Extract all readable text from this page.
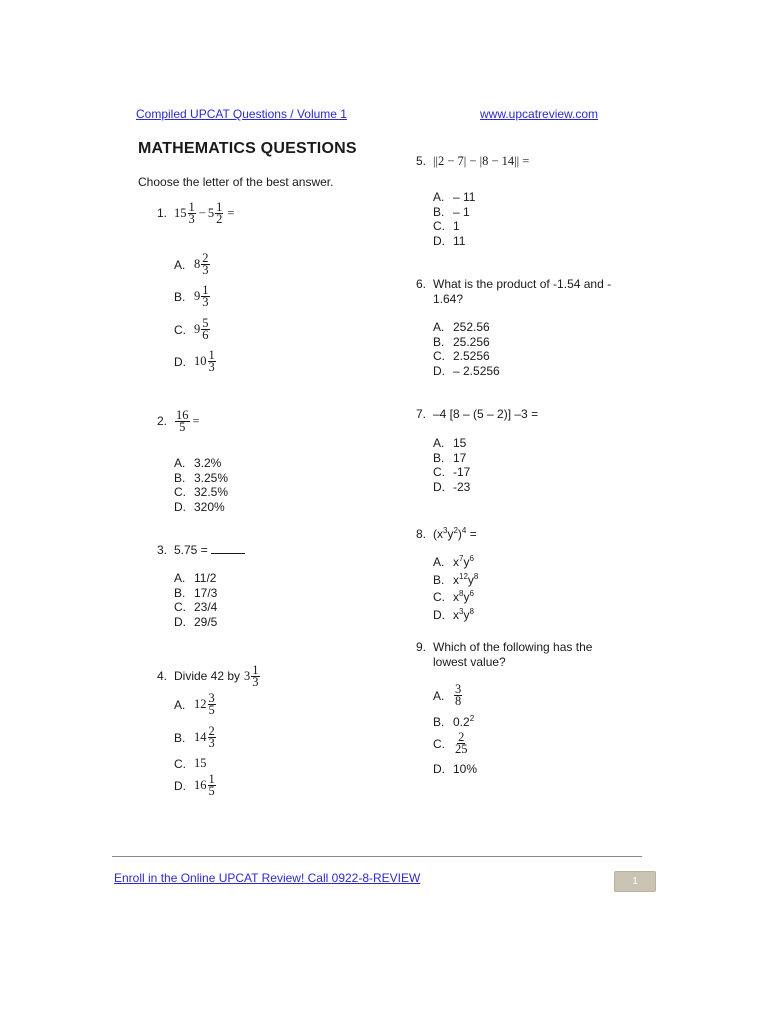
Compiled UPCAT Questions / Volume 1	www.upcatreview.com
MATHEMATICS QUESTIONS
Choose the letter of the best answer.
1. $15 \frac{1}{3} - 5 \frac{1}{2}$ =
A. $8 \frac{2}{3}$
B. $9 \frac{1}{3}$
C. $9 \frac{5}{6}$
D. $10 \frac{1}{3}$
2. $\frac{16}{5}$ =
A. 3.2%
B. 3.25%
C. 32.5%
D. 320%
3. 5.75 =
A. 11/2
B. 17/3
C. 23/4
D. 29/5
4. Divide 42 by $3 \frac{1}{3}$
A. $12 \frac{3}{5}$
B. $14 \frac{2}{3}$
C. 15
D. $16 \frac{1}{5}$
5. ||2 − 7| − |8 − 14|| =
A. – 11
B. – 1
C. 1
D. 11
6. What is the product of -1.54 and -
1.64?
A. 252.56
B. 25.256
C. 2.5256
D. – 2.5256
7. –4 [8 – (5 – 2)] –3 =
A. 15
B. 17
C. -17
D. -23
8. $(x^3y^2)^4$ =
A. $x^7y^6$
B. $x^{12}y^8$
C. $x^8y^6$
D. $x^3y^8$
9. Which of the following has the
lowest value?
A. $\frac{3}{8}$
B. $0.2^2$
C. $\frac{2}{25}$
D. 10%
Enroll in the Online UPCAT Review! Call 0922-8-REVIEW	1
